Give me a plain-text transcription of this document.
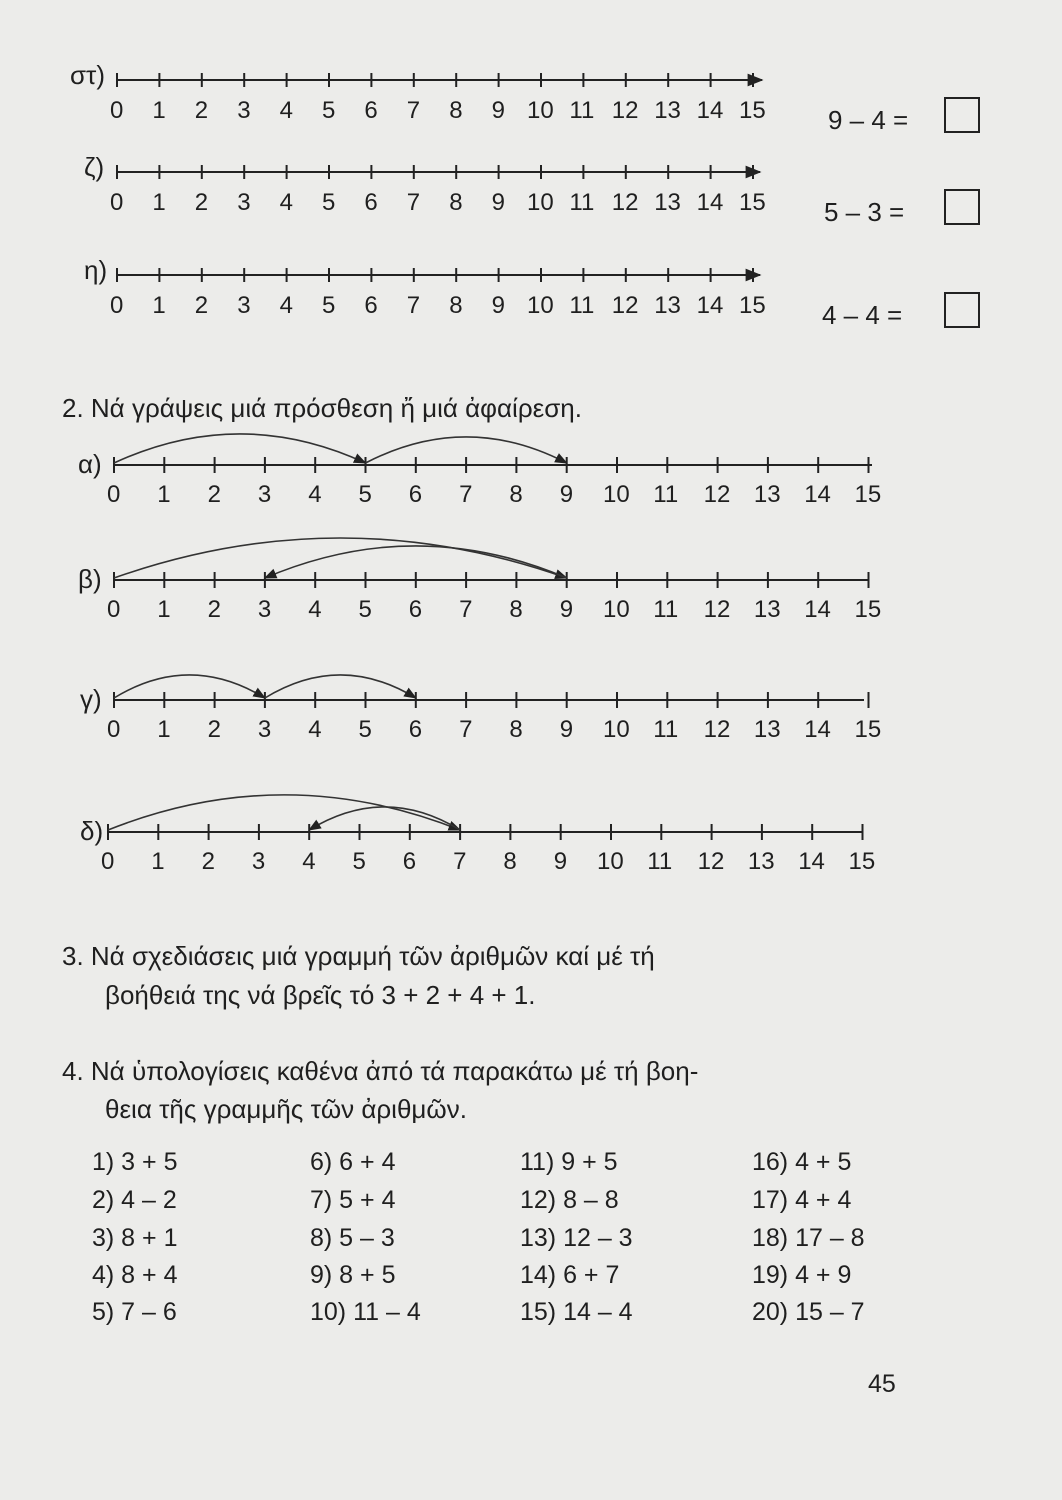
στ)
0 1 2 3 4 5 6 7 8 9 10 11 12 13 14 15 9 – 4 =
ζ)
0 1 2 3 4 5 6 7 8 9 10 11 12 13 14 15 5 – 3 =
η)
0 1 2 3 4 5 6 7 8 9 10 11 12 13 14 15 4 – 4 =
2. Νά γράψεις μιά πρόσθεση ἤ μιά ἀφαίρεση.
α)
0 1 2 3 4 5 6 7 8 9 10 11 12 13 14 15
β)
0 1 2 3 4 5 6 7 8 9 10 11 12 13 14 15
γ)
0 1 2 3 4 5 6 7 8 9 10 11 12 13 14 15
δ)
0 1 2 3 4 5 6 7 8 9 10 11 12 13 14 15
3. Νά σχεδιάσεις μιά γραμμή τῶν ἀριθμῶν καί μέ τή
βοήθειά της νά βρεῖς τό 3 + 2 + 4 + 1.
4. Νά ὑπολογίσεις καθένα ἀπό τά παρακάτω μέ τή βοη-
θεια τῆς γραμμῆς τῶν ἀριθμῶν.
1) 3 + 5
2) 4 – 2
3) 8 + 1
4) 8 + 4
5) 7 – 6
6) 6 + 4
7) 5 + 4
8) 5 – 3
9) 8 + 5
10) 11 – 4
11) 9 + 5
12) 8 – 8
13) 12 – 3
14) 6 + 7
15) 14 – 4
16) 4 + 5
17) 4 + 4
18) 17 – 8
19) 4 + 9
20) 15 – 7
45
